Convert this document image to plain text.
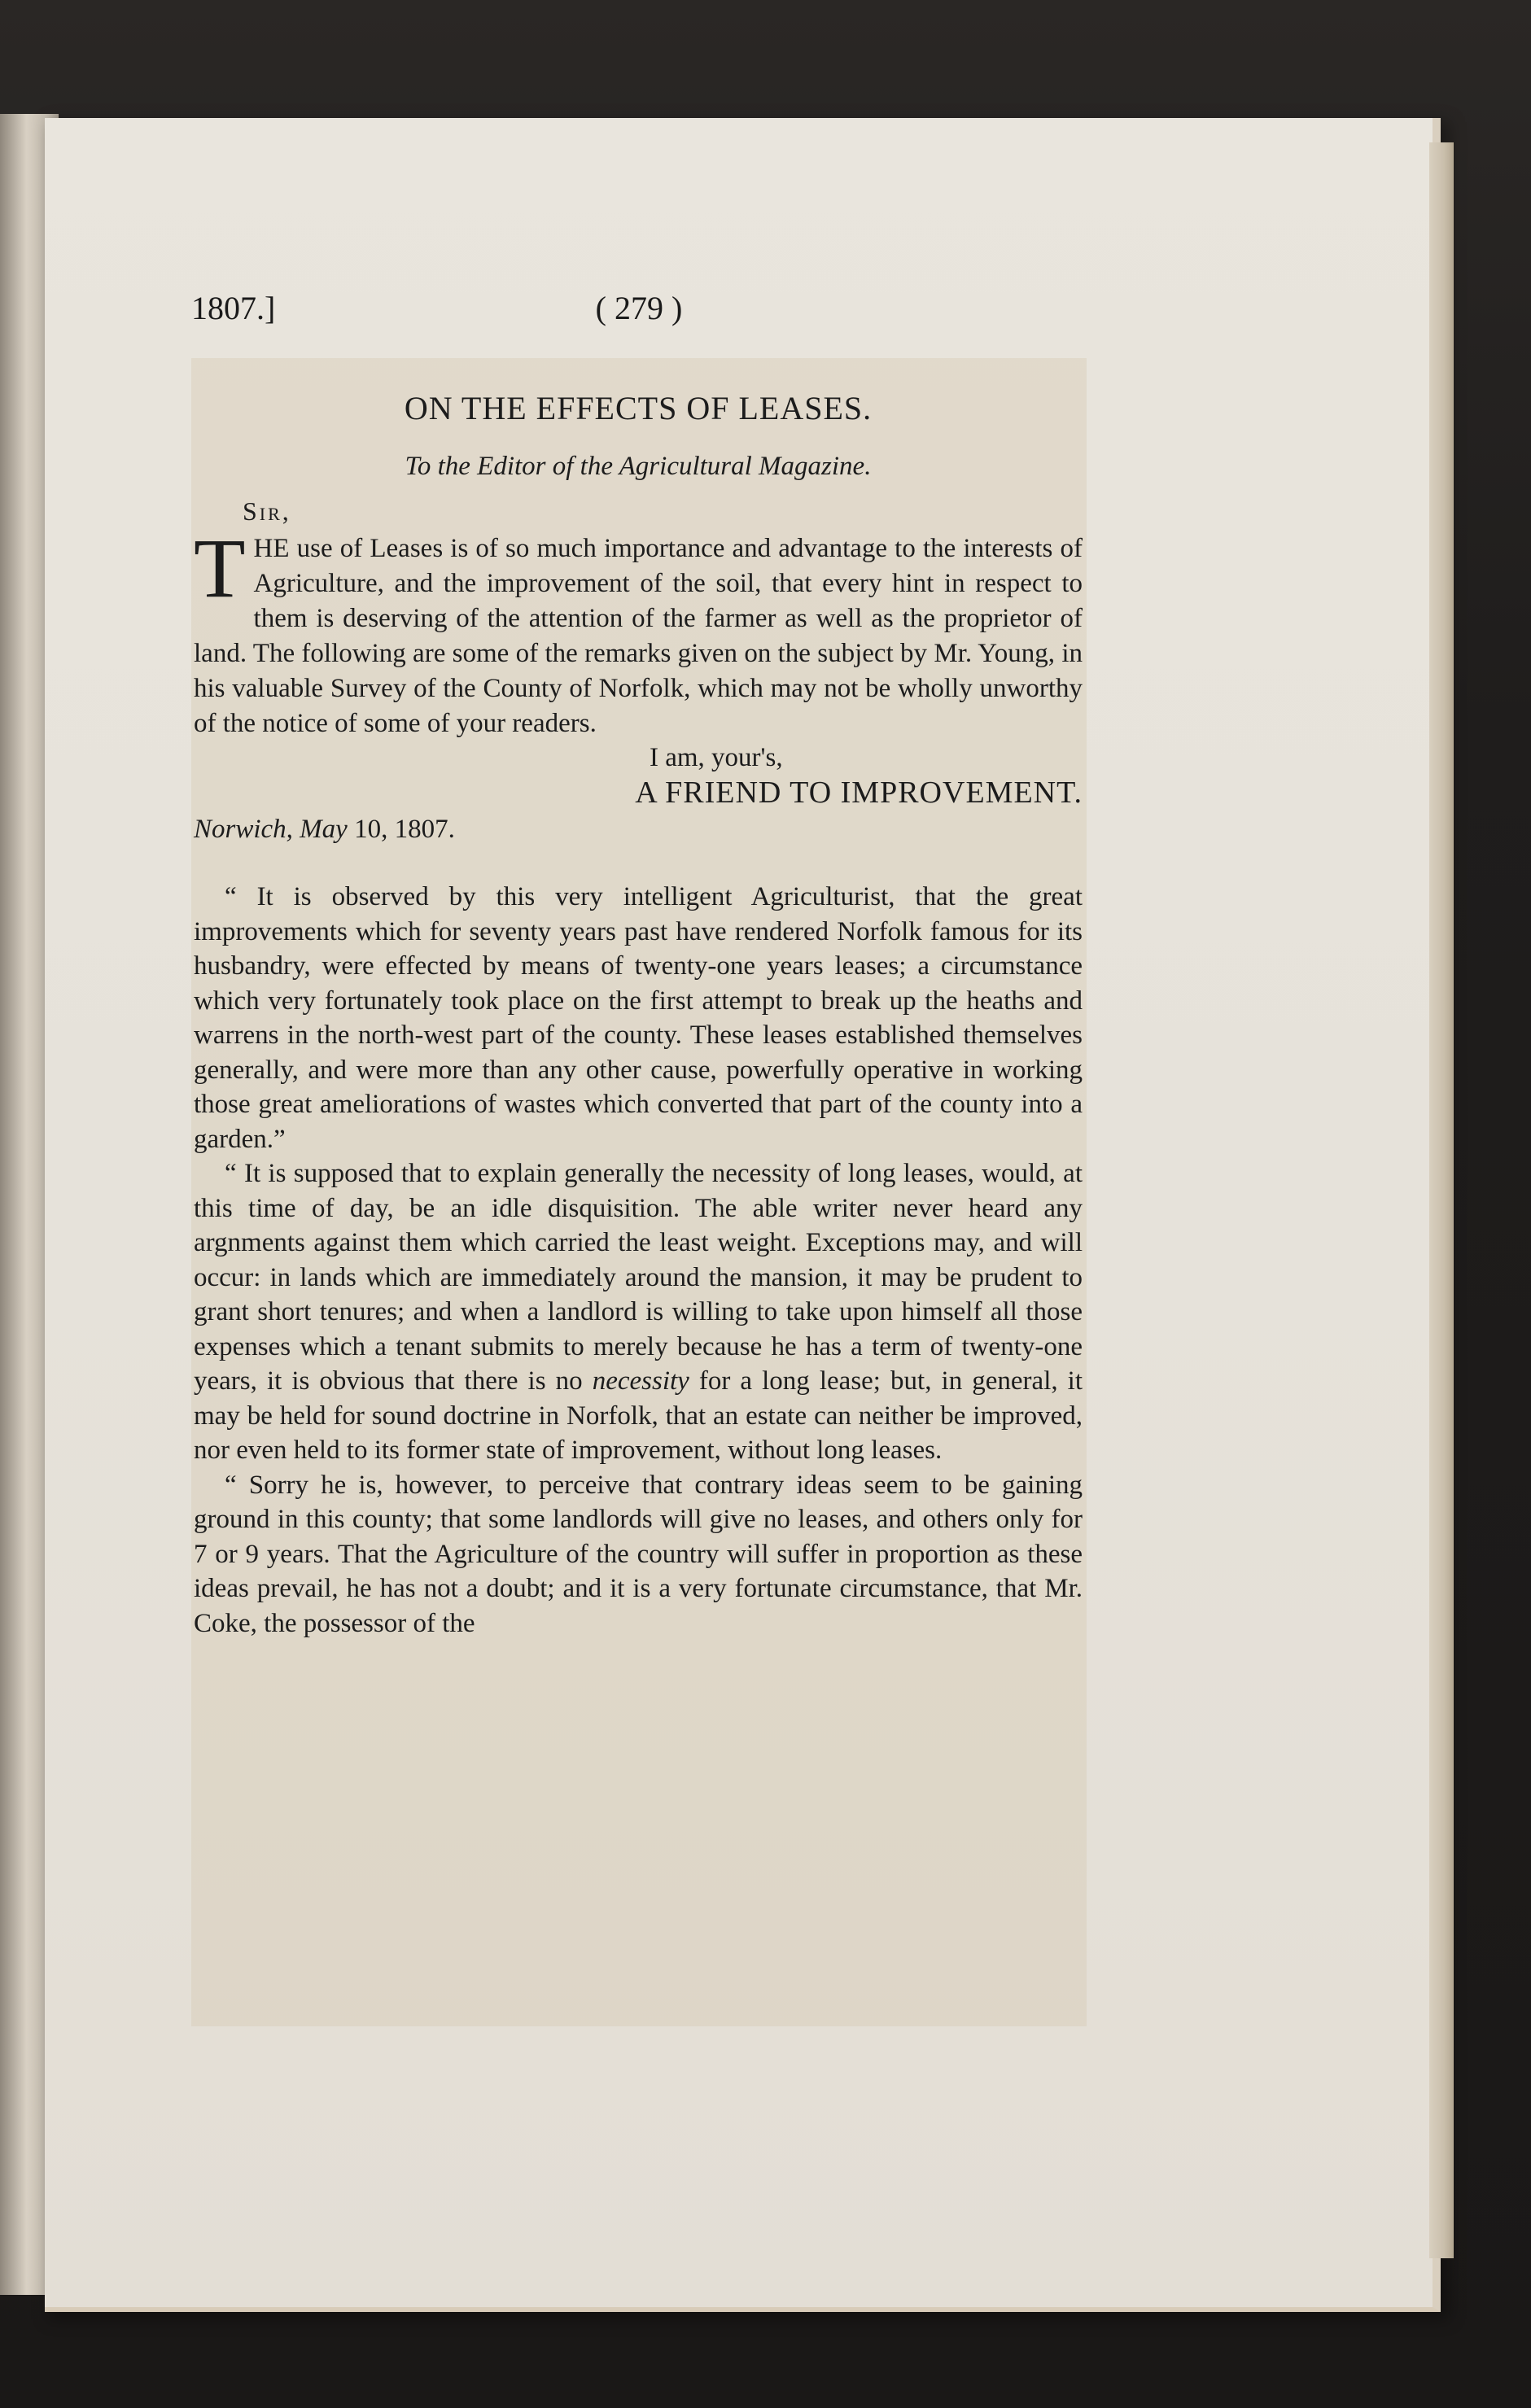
1807.]	( 279 )
ON THE EFFECTS OF LEASES.

To the Editor of the Agricultural Magazine.

Sir,

THE use of Leases is of so much importance and advantage to the interests of Agriculture, and the improvement of the soil, that every hint in respect to them is deserving of the attention of the farmer as well as the proprietor of land. The following are some of the remarks given on the subject by Mr. Young, in his valuable Survey of the County of Norfolk, which may not be wholly unworthy of the notice of some of your readers.

I am, your's,

A FRIEND TO IMPROVEMENT.

Norwich, May 10, 1807.

“ It is observed by this very intelligent Agriculturist, that the great improvements which for seventy years past have rendered Norfolk famous for its husbandry, were effected by means of twenty-one years leases; a circumstance which very fortunately took place on the first attempt to break up the heaths and warrens in the north-west part of the county. These leases established themselves generally, and were more than any other cause, powerfully operative in working those great ameliorations of wastes which converted that part of the county into a garden.”

“ It is supposed that to explain generally the necessity of long leases, would, at this time of day, be an idle disquisition. The able writer never heard any argnments against them which carried the least weight. Exceptions may, and will occur: in lands which are immediately around the mansion, it may be prudent to grant short tenures; and when a landlord is willing to take upon himself all those expenses which a tenant submits to merely because he has a term of twenty-one years, it is obvious that there is no necessity for a long lease; but, in general, it may be held for sound doctrine in Norfolk, that an estate can neither be improved, nor even held to its former state of improvement, without long leases.

“ Sorry he is, however, to perceive that contrary ideas seem to be gaining ground in this county; that some landlords will give no leases, and others only for 7 or 9 years. That the Agriculture of the country will suffer in proportion as these ideas prevail, he has not a doubt; and it is a very fortunate circumstance, that Mr. Coke, the possessor of the
